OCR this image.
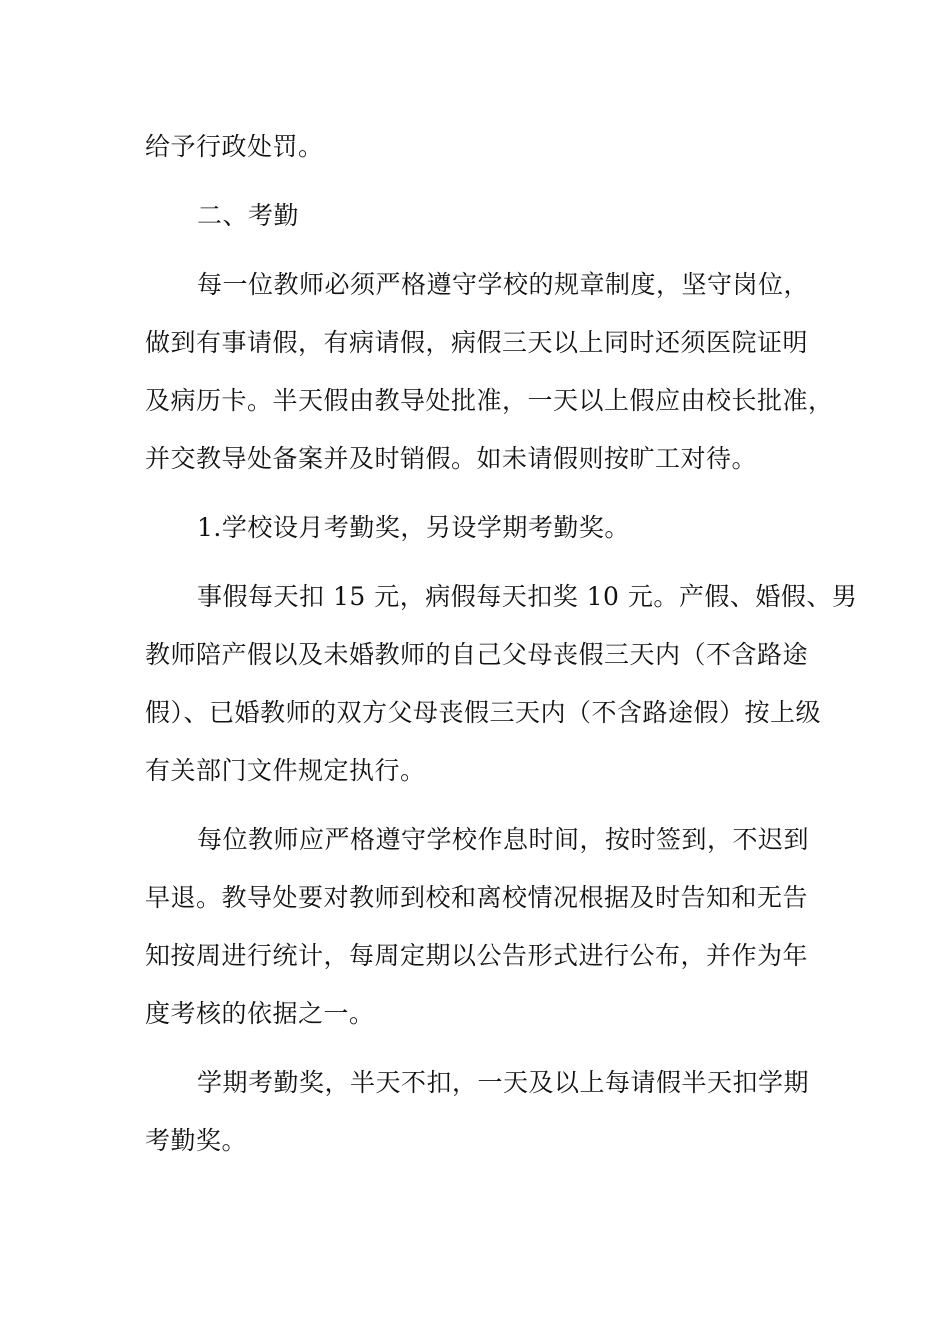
给予行政处罚。
二、考勤
每一位教师必须严格遵守学校的规章制度，坚守岗位，
做到有事请假，有病请假，病假三天以上同时还须医院证明
及病历卡。半天假由教导处批准，一天以上假应由校长批准，
并交教导处备案并及时销假。如未请假则按旷工对待。
1.学校设月考勤奖，另设学期考勤奖。
事假每天扣 15 元，病假每天扣奖 10 元。产假、婚假、男
教师陪产假以及未婚教师的自己父母丧假三天内（不含路途
假）、已婚教师的双方父母丧假三天内（不含路途假）按上级
有关部门文件规定执行。
每位教师应严格遵守学校作息时间，按时签到，不迟到
早退。教导处要对教师到校和离校情况根据及时告知和无告
知按周进行统计，每周定期以公告形式进行公布，并作为年
度考核的依据之一。
学期考勤奖，半天不扣，一天及以上每请假半天扣学期
考勤奖。
